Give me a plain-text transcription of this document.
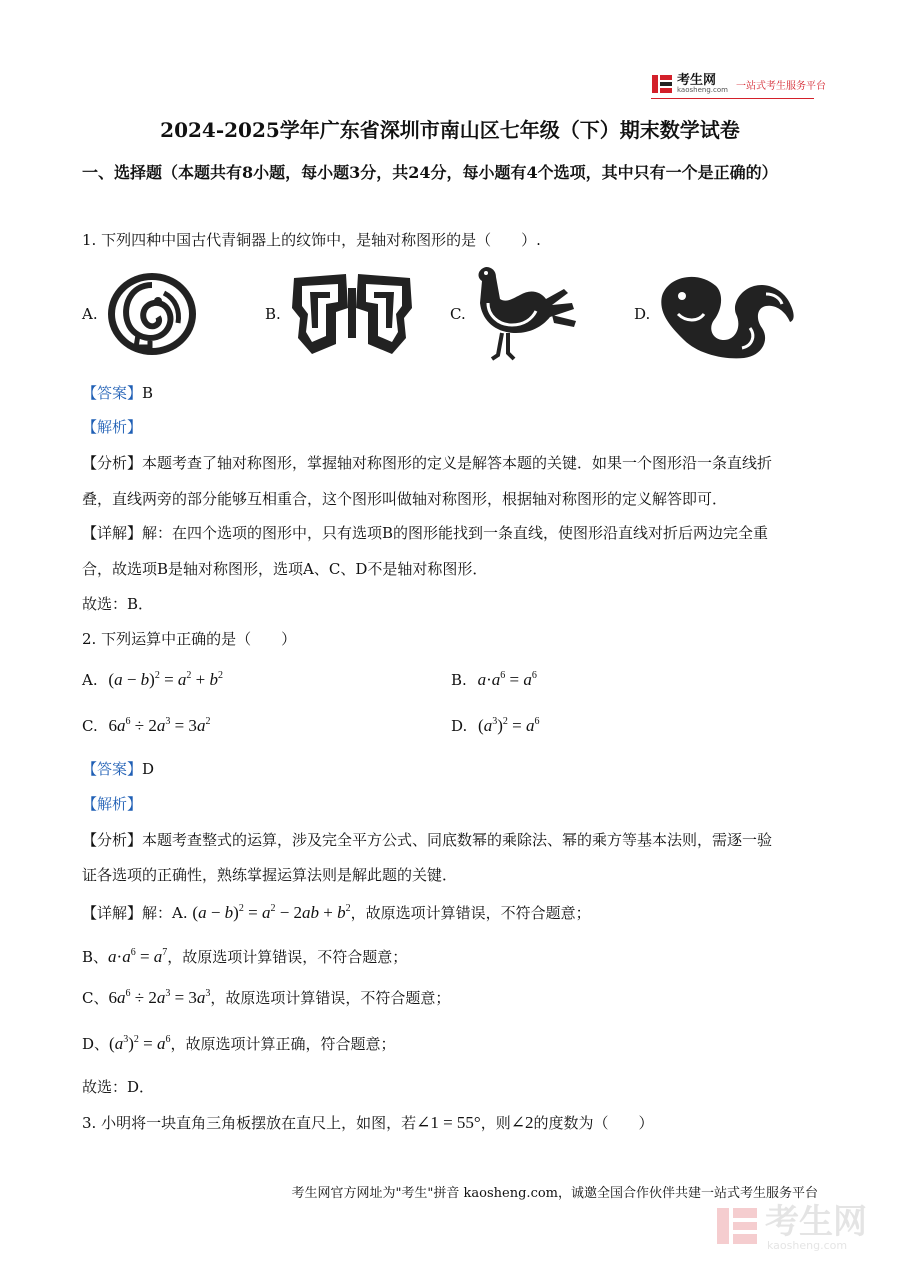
考生网
kaosheng.com 一站式考生服务平台
2024-2025学年广东省深圳市南山区七年级（下）期末数学试卷
一、选择题（本题共有8小题，每小题3分，共24分，每小题有4个选项，其中只有一个是正确的）
1. 下列四种中国古代青铜器上的纹饰中，是轴对称图形的是（　　）.
A.	B.	C.	D.
【答案】B
【解析】
【分析】本题考查了轴对称图形，掌握轴对称图形的定义是解答本题的关键．如果一个图形沿一条直线折
叠，直线两旁的部分能够互相重合，这个图形叫做轴对称图形，根据轴对称图形的定义解答即可．
【详解】解：在四个选项的图形中，只有选项B的图形能找到一条直线，使图形沿直线对折后两边完全重
合，故选项B是轴对称图形，选项A、C、D不是轴对称图形．
故选：B．
2. 下列运算中正确的是（　　）
A. $(a - b)^2 = a^2 + b^2$	B. $a\cdot a^6 = a^6$
C. $6a^6 \div 2a^3 = 3a^2$	D. $(a^3)^2 = a^6$
【答案】D
【解析】
【分析】本题考查整式的运算，涉及完全平方公式、同底数幂的乘除法、幂的乘方等基本法则，需逐一验
证各选项的正确性，熟练掌握运算法则是解此题的关键．
【详解】解：A. $(a - b)^2 = a^2 - 2ab + b^2$，故原选项计算错误，不符合题意；
B、$a\cdot a^6 = a^7$，故原选项计算错误，不符合题意；
C、$6a^6 \div 2a^3 = 3a^3$，故原选项计算错误，不符合题意；
D、$(a^3)^2 = a^6$，故原选项计算正确，符合题意；
故选：D．
3. 小明将一块直角三角板摆放在直尺上，如图，若∠1 = 55°，则∠2的度数为（　　）
考生网官方网址为"考生"拼音 kaosheng.com，诚邀全国合作伙伴共建一站式考生服务平台
考生网
kaosheng.com
